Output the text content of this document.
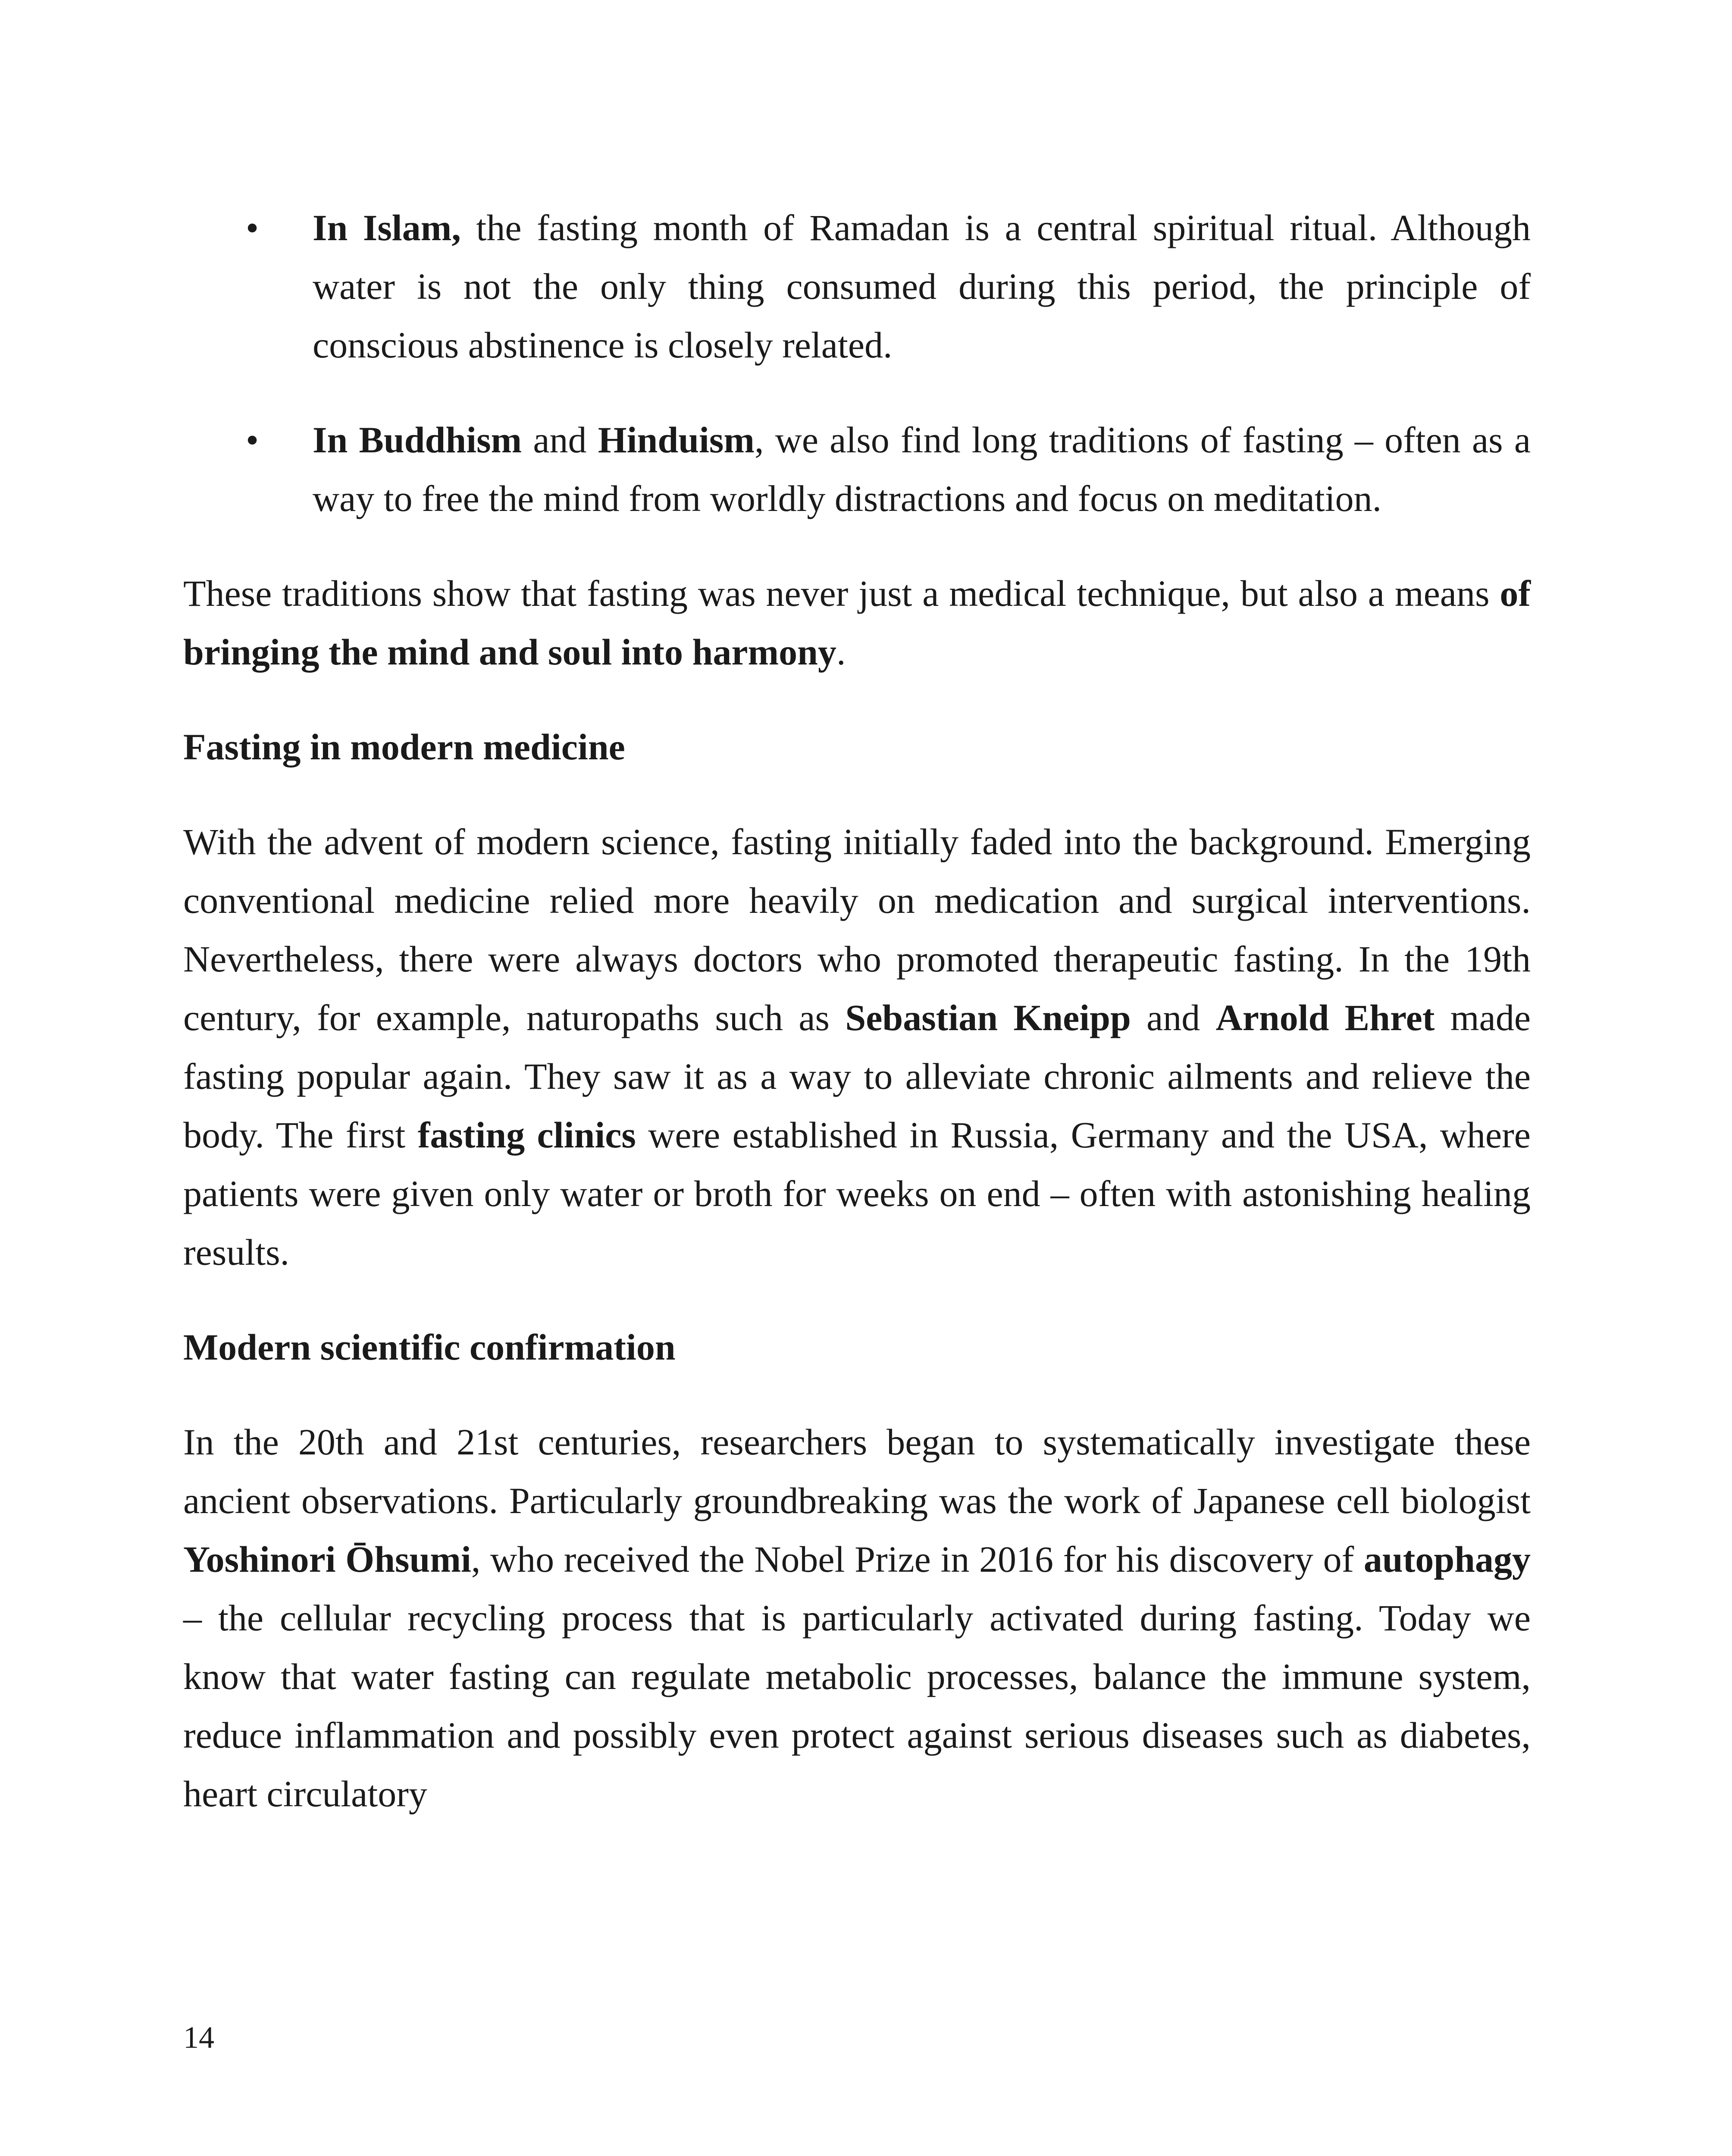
• In Islam, the fasting month of Ramadan is a central spiritual ritual. Although water is not the only thing consumed during this period, the principle of conscious abstinence is closely related.
• In Buddhism and Hinduism, we also find long traditions of fasting – often as a way to free the mind from worldly distractions and focus on meditation.

These traditions show that fasting was never just a medical technique, but also a means of bringing the mind and soul into harmony.

Fasting in modern medicine

With the advent of modern science, fasting initially faded into the background. Emerging conventional medicine relied more heavily on medication and surgical interventions. Nevertheless, there were always doctors who promoted therapeutic fasting. In the 19th century, for example, naturopaths such as Sebastian Kneipp and Arnold Ehret made fasting popular again. They saw it as a way to alleviate chronic ailments and relieve the body. The first fasting clinics were established in Russia, Germany and the USA, where patients were given only water or broth for weeks on end – often with astonishing healing results.

Modern scientific confirmation

In the 20th and 21st centuries, researchers began to systematically investigate these ancient observations. Particularly groundbreaking was the work of Japanese cell biologist Yoshinori Ōhsumi, who received the Nobel Prize in 2016 for his discovery of autophagy – the cellular recycling process that is particularly activated during fasting. Today we know that water fasting can regulate metabolic processes, balance the immune system, reduce inflammation and possibly even protect against serious diseases such as diabetes, heart circulatory

14
